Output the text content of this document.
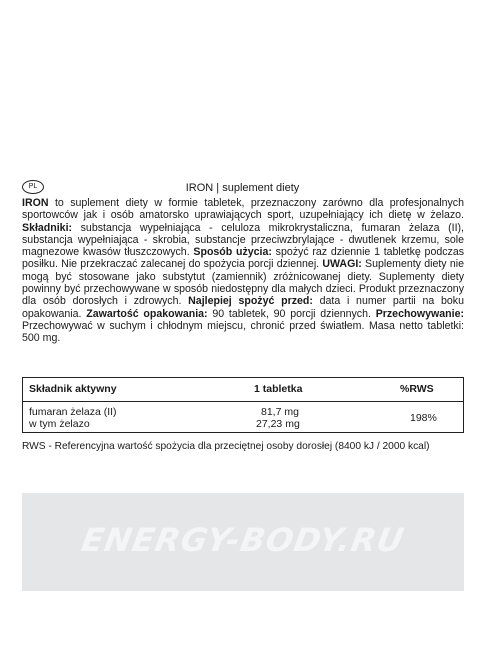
PL	IRON | suplement diety
IRON to suplement diety w formie tabletek, przeznaczony zarówno dla profesjonalnych sportowców jak i osób amatorsko uprawiających sport, uzupełniający ich dietę w żelazo. Składniki: substancja wypełniająca - celuloza mikrokrystaliczna, fumaran żelaza (II), substancja wypełniająca - skrobia, substancje przeciwzbrylające - dwutlenek krzemu, sole magnezowe kwasów tłuszczowych. Sposób użycia: spożyć raz dziennie 1 tabletkę podczas posiłku. Nie przekraczać zalecanej do spożycia porcji dziennej. UWAGI: Suplementy diety nie mogą być stosowane jako substytut (zamiennik) zróżnicowanej diety. Suplementy diety powinny być przechowywane w sposób niedostępny dla małych dzieci. Produkt przeznaczony dla osób dorosłych i zdrowych. Najlepiej spożyć przed: data i numer partii na boku opakowania. Zawartość opakowania: 90 tabletek, 90 porcji dziennych. Przechowywanie: Przechowywać w suchym i chłodnym miejscu, chronić przed światłem. Masa netto tabletki: 500 mg.
Składnik aktywny	1 tabletka	%RWS
fumaran żelaza (II)	81,7 mg
w tym żelazo	27,23 mg	198%
RWS - Referencyjna wartość spożycia dla przeciętnej osoby dorosłej (8400 kJ / 2000 kcal)
ENERGY-BODY.RU
